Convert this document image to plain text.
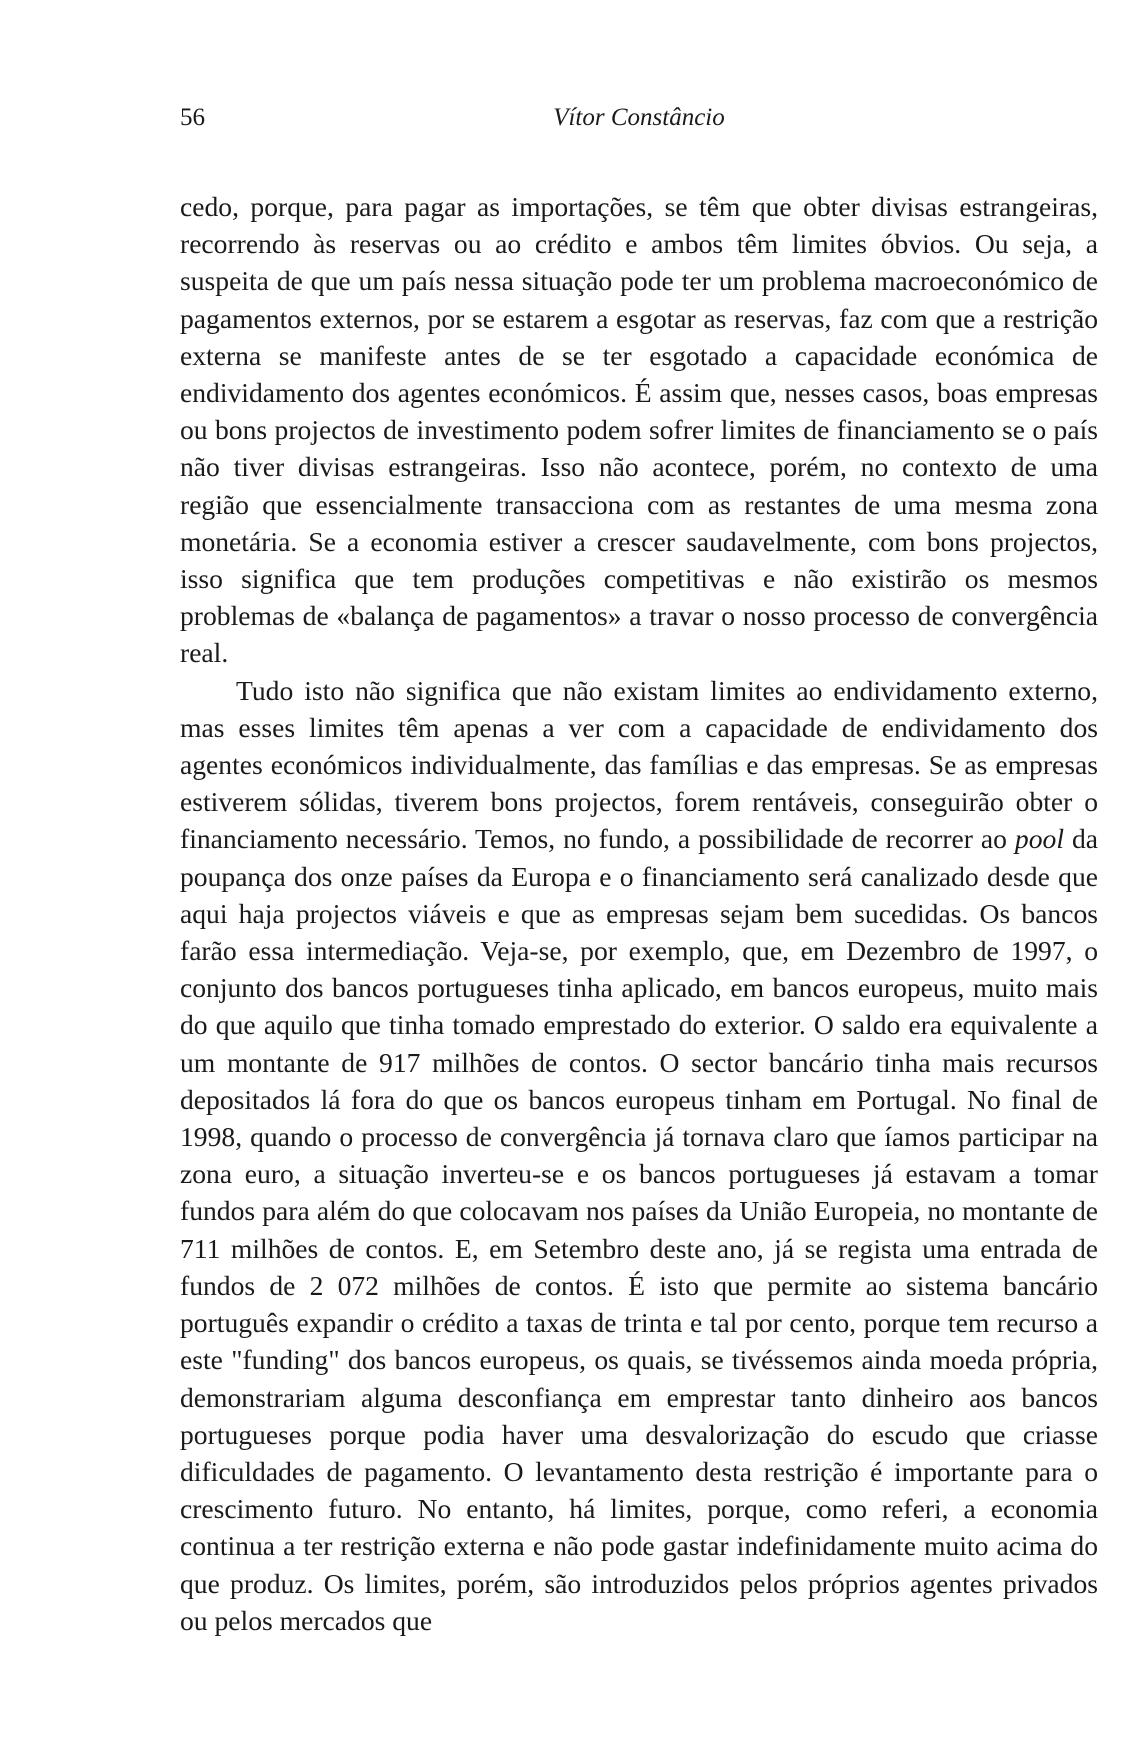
56	Vítor Constâncio

cedo, porque, para pagar as importações, se têm que obter divisas estrangeiras, recorrendo às reservas ou ao crédito e ambos têm limites óbvios. Ou seja, a suspeita de que um país nessa situação pode ter um problema macroeconómico de pagamentos externos, por se estarem a esgotar as reservas, faz com que a restrição externa se manifeste antes de se ter esgotado a capacidade económica de endividamento dos agentes económicos. É assim que, nesses casos, boas empresas ou bons projectos de investimento podem sofrer limites de financiamento se o país não tiver divisas estrangeiras. Isso não acontece, porém, no contexto de uma região que essencialmente transacciona com as restantes de uma mesma zona monetária. Se a economia estiver a crescer saudavelmente, com bons projectos, isso significa que tem produções competitivas e não existirão os mesmos problemas de «balança de pagamentos» a travar o nosso processo de convergência real.

Tudo isto não significa que não existam limites ao endividamento externo, mas esses limites têm apenas a ver com a capacidade de endividamento dos agentes económicos individualmente, das famílias e das empresas. Se as empresas estiverem sólidas, tiverem bons projectos, forem rentáveis, conseguirão obter o financiamento necessário. Temos, no fundo, a possibilidade de recorrer ao pool da poupança dos onze países da Europa e o financiamento será canalizado desde que aqui haja projectos viáveis e que as empresas sejam bem sucedidas. Os bancos farão essa intermediação. Veja-se, por exemplo, que, em Dezembro de 1997, o conjunto dos bancos portugueses tinha aplicado, em bancos europeus, muito mais do que aquilo que tinha tomado emprestado do exterior. O saldo era equivalente a um montante de 917 milhões de contos. O sector bancário tinha mais recursos depositados lá fora do que os bancos europeus tinham em Portugal. No final de 1998, quando o processo de convergência já tornava claro que íamos participar na zona euro, a situação inverteu-se e os bancos portugueses já estavam a tomar fundos para além do que colocavam nos países da União Europeia, no montante de 711 milhões de contos. E, em Setembro deste ano, já se regista uma entrada de fundos de 2 072 milhões de contos. É isto que permite ao sistema bancário português expandir o crédito a taxas de trinta e tal por cento, porque tem recurso a este "funding" dos bancos europeus, os quais, se tivéssemos ainda moeda própria, demonstrariam alguma desconfiança em emprestar tanto dinheiro aos bancos portugueses porque podia haver uma desvalorização do escudo que criasse dificuldades de pagamento. O levantamento desta restrição é importante para o crescimento futuro. No entanto, há limites, porque, como referi, a economia continua a ter restrição externa e não pode gastar indefinidamente muito acima do que produz. Os limites, porém, são introduzidos pelos próprios agentes privados ou pelos mercados que
